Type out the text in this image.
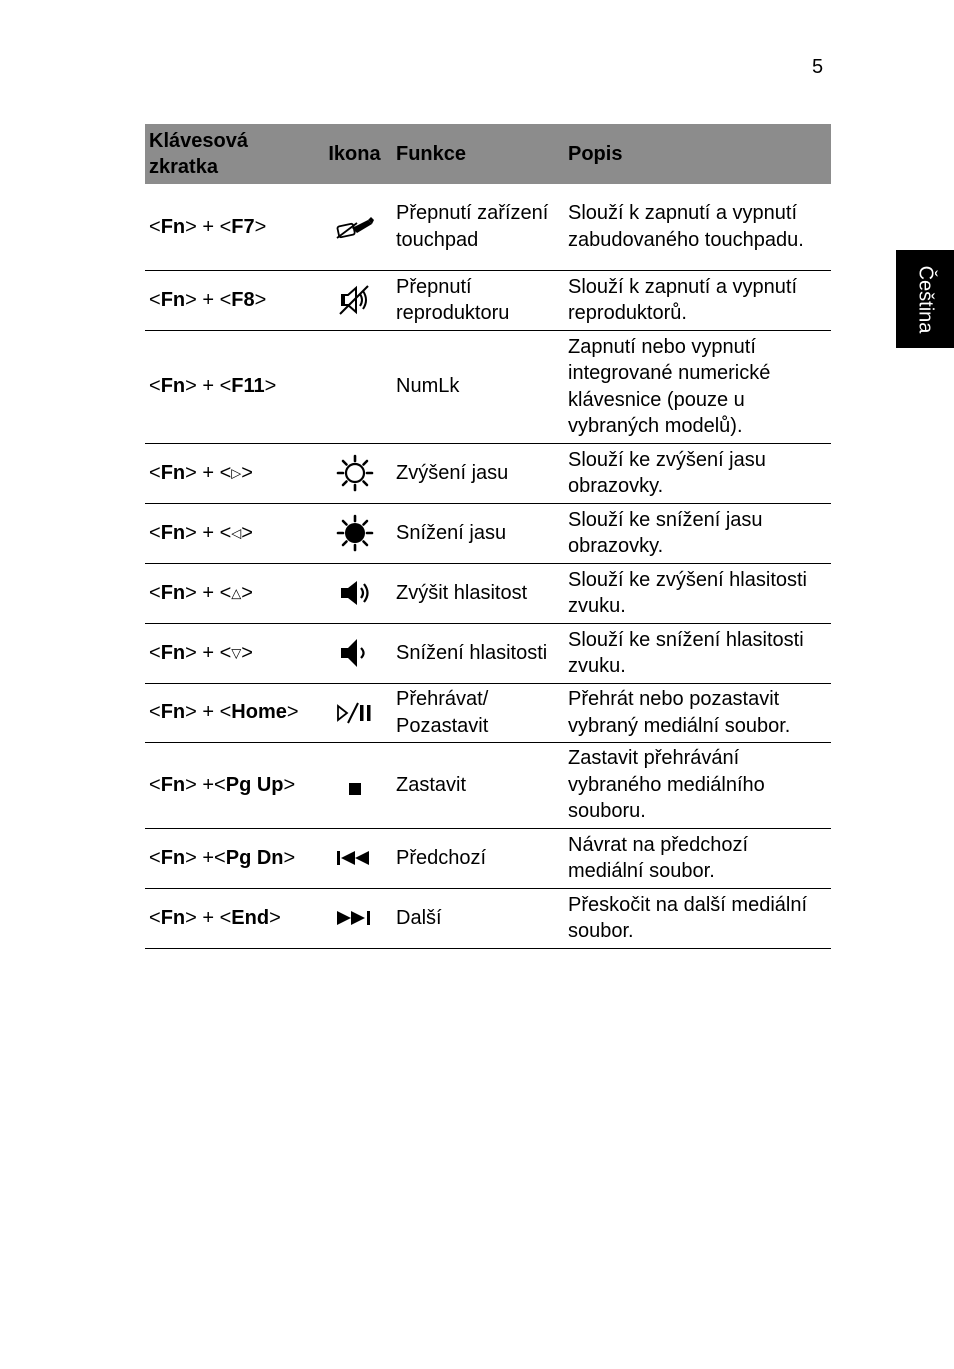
5
Čeština
Klávesová zkratka	Ikona	Funkce	Popis
<Fn> + <F7>		Přepnutí zařízení touchpad	Slouží k zapnutí a vypnutí zabudovaného touchpadu.
<Fn> + <F8>		Přepnutí reproduktoru	Slouží k zapnutí a vypnutí reproduktorů.
<Fn> + <F11>		NumLk	Zapnutí nebo vypnutí integrované numerické klávesnice (pouze u vybraných modelů).
<Fn> + <▷>		Zvýšení jasu	Slouží ke zvýšení jasu obrazovky.
<Fn> + <◁>		Snížení jasu	Slouží ke snížení jasu obrazovky.
<Fn> + <△>		Zvýšit hlasitost	Slouží ke zvýšení hlasitosti zvuku.
<Fn> + <▽>		Snížení hlasitosti	Slouží ke snížení hlasitosti zvuku.
<Fn> + <Home>		Přehrávat/ Pozastavit	Přehrát nebo pozastavit vybraný mediální soubor.
<Fn> +<Pg Up>		Zastavit	Zastavit přehrávání vybraného mediálního souboru.
<Fn> +<Pg Dn>		Předchozí	Návrat na předchozí mediální soubor.
<Fn> + <End>		Další	Přeskočit na další mediální soubor.
